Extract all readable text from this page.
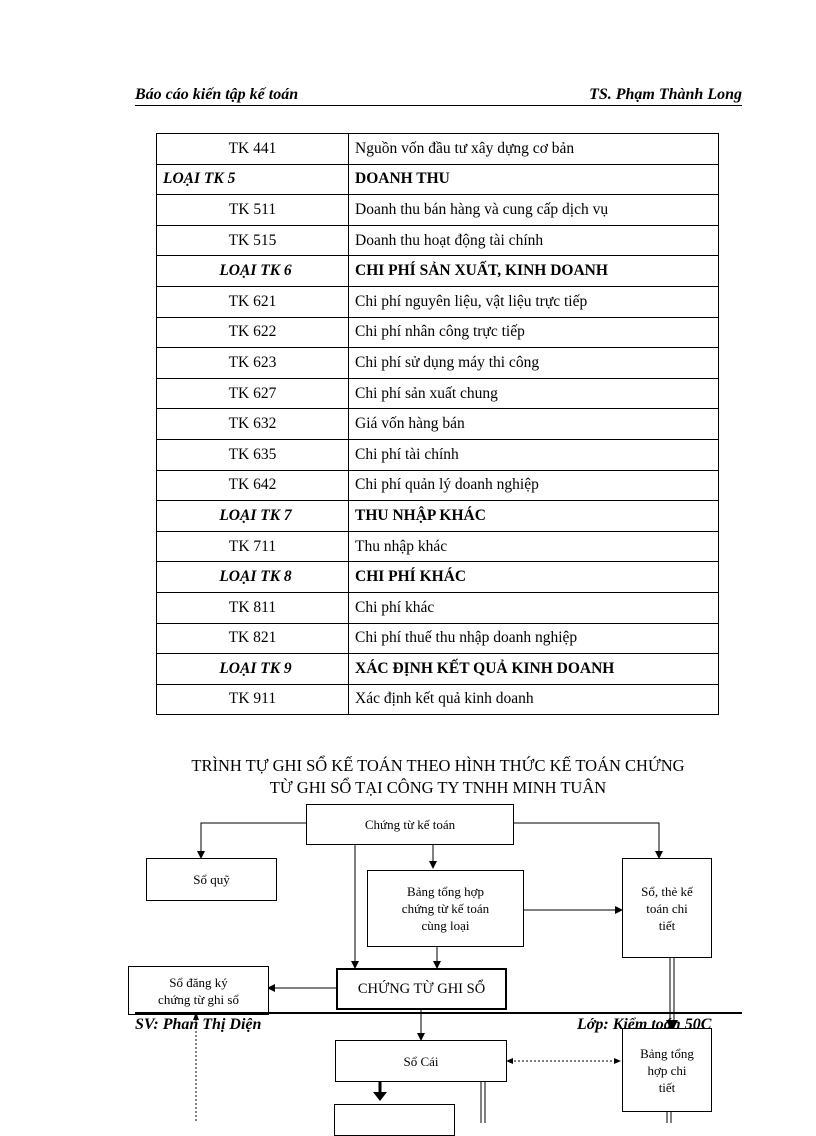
Báo cáo kiến tập kế toán	TS. Phạm Thành Long
TK 441	Nguồn vốn đầu tư xây dựng cơ bản
LOẠI TK 5	DOANH THU
TK 511	Doanh thu bán hàng và cung cấp dịch vụ
TK 515	Doanh thu hoạt động tài chính
LOẠI TK 6	CHI PHÍ SẢN XUẤT, KINH DOANH
TK 621	Chi phí nguyên liệu, vật liệu trực tiếp
TK 622	Chi phí nhân công trực tiếp
TK 623	Chi phí sử dụng máy thi công
TK 627	Chi phí sản xuất chung
TK 632	Giá vốn hàng bán
TK 635	Chi phí tài chính
TK 642	Chi phí quản lý doanh nghiệp
LOẠI TK 7	THU NHẬP KHÁC
TK 711	Thu nhập khác
LOẠI TK 8	CHI PHÍ KHÁC
TK 811	Chi phí khác
TK 821	Chi phí thuế thu nhập doanh nghiệp
LOẠI TK 9	XÁC ĐỊNH KẾT QUẢ KINH DOANH
TK 911	Xác định kết quả kinh doanh
TRÌNH TỰ GHI SỔ KẾ TOÁN THEO HÌNH THỨC KẾ TOÁN CHỨNG
TỪ GHI SỔ TẠI CÔNG TY TNHH MINH TUÂN
Chứng từ kế toán
Sổ quỹ
Bảng tổng hợp
chứng từ kế toán
cùng loại
Sổ, thẻ kế
toán chi
tiết
Sổ đăng ký
chứng từ ghi sổ
CHỨNG TỪ GHI SỔ
Sổ Cái
Bảng tổng
hợp chi
tiết
SV: Phan Thị Diện	Lớp: Kiểm toán 50C
